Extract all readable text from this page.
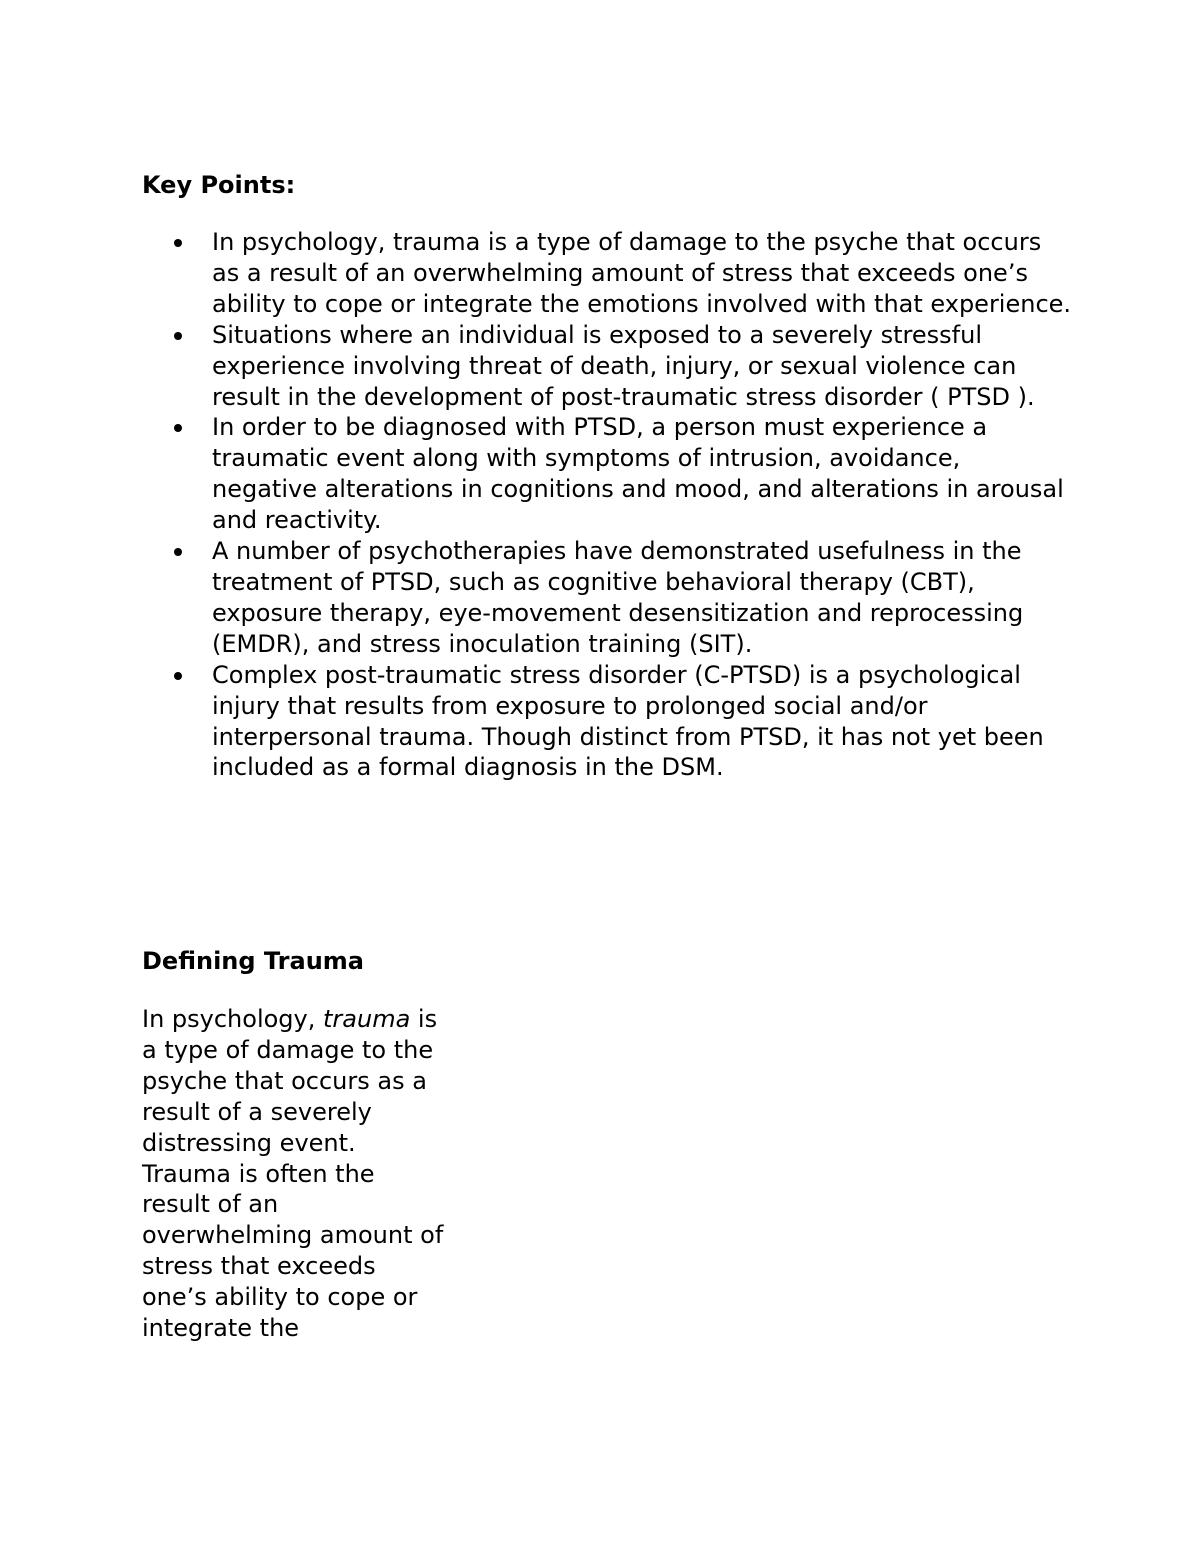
Key Points:
In psychology, trauma is a type of damage to the psyche that occurs as a result of an overwhelming amount of stress that exceeds one’s ability to cope or integrate the emotions involved with that experience.
Situations where an individual is exposed to a severely stressful experience involving threat of death, injury, or sexual violence can result in the development of post-traumatic stress disorder ( PTSD ).
In order to be diagnosed with PTSD, a person must experience a traumatic event along with symptoms of intrusion, avoidance, negative alterations in cognitions and mood, and alterations in arousal and reactivity.
A number of psychotherapies have demonstrated usefulness in the treatment of PTSD, such as cognitive behavioral therapy (CBT), exposure therapy, eye-movement desensitization and reprocessing (EMDR), and stress inoculation training (SIT).
Complex post-traumatic stress disorder (C-PTSD) is a psychological injury that results from exposure to prolonged social and/or interpersonal trauma. Though distinct from PTSD, it has not yet been included as a formal diagnosis in the DSM.
Defining Trauma

In psychology, trauma is a type of damage to the psyche that occurs as a result of a severely distressing event. Trauma is often the result of an overwhelming amount of stress that exceeds one’s ability to cope or integrate the
